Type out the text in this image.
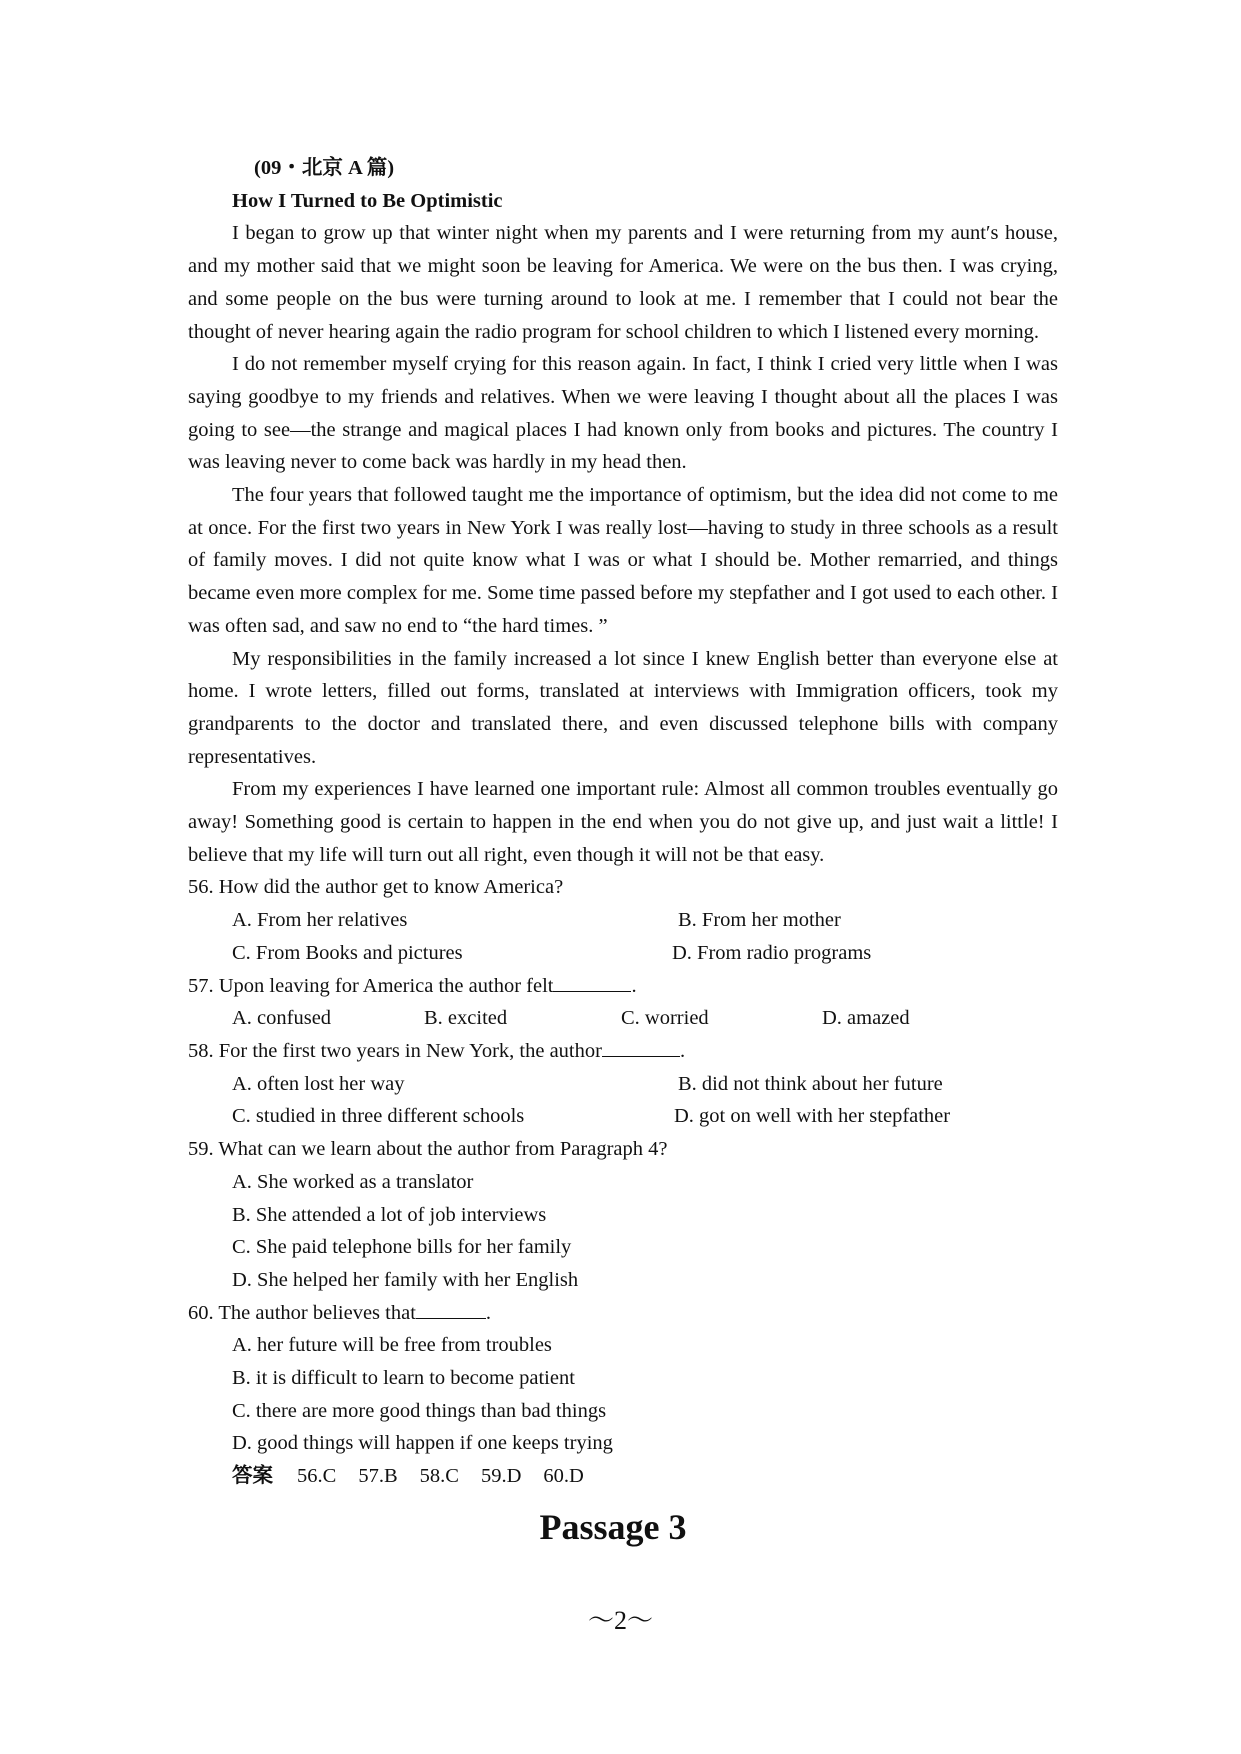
(09・北京 A 篇)
How I Turned to Be Optimistic

I began to grow up that winter night when my parents and I were returning from my aunt′s house, and my mother said that we might soon be leaving for America. We were on the bus then. I was crying, and some people on the bus were turning around to look at me. I remember that I could not bear the thought of never hearing again the radio program for school children to which I listened every morning.

I do not remember myself crying for this reason again. In fact, I think I cried very little when I was saying goodbye to my friends and relatives. When we were leaving I thought about all the places I was going to see—the strange and magical places I had known only from books and pictures. The country I was leaving never to come back was hardly in my head then.

The four years that followed taught me the importance of optimism, but the idea did not come to me at once. For the first two years in New York I was really lost—having to study in three schools as a result of family moves. I did not quite know what I was or what I should be. Mother remarried, and things became even more complex for me. Some time passed before my stepfather and I got used to each other. I was often sad, and saw no end to “the hard times. ”

My responsibilities in the family increased a lot since I knew English better than everyone else at home. I wrote letters, filled out forms, translated at interviews with Immigration officers, took my grandparents to the doctor and translated there, and even discussed telephone bills with company representatives.

From my experiences I have learned one important rule: Almost all common troubles eventually go away! Something good is certain to happen in the end when you do not give up, and just wait a little! I believe that my life will turn out all right, even though it will not be that easy.

56. How did the author get to know America?
A. From her relatives	B. From her mother
C. From Books and pictures	D. From radio programs
57. Upon leaving for America the author felt	.
A. confused	B. excited	C. worried	D. amazed
58. For the first two years in New York, the author	.
A. often lost her way	B. did not think about her future
C. studied in three different schools	D. got on well with her stepfather
59. What can we learn about the author from Paragraph 4?
A. She worked as a translator
B. She attended a lot of job interviews
C. She paid telephone bills for her family
D. She helped her family with her English
60. The author believes that	.
A. her future will be free from troubles
B. it is difficult to learn to become patient
C. there are more good things than bad things
D. good things will happen if one keeps trying
答案 56.C 57.B 58.C 59.D 60.D
Passage 3
～2～
